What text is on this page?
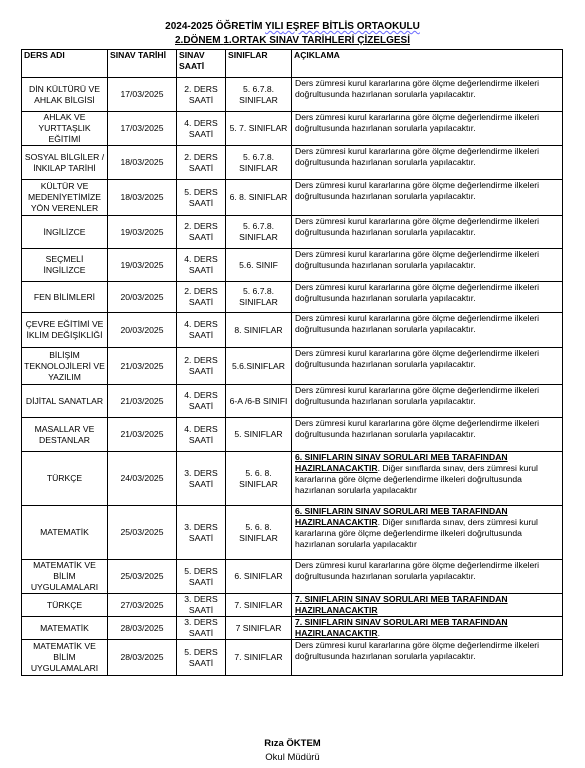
2024-2025 ÖĞRETİM YILI EŞREF BİTLİS ORTAOKULU
2.DÖNEM 1.ORTAK SINAV TARİHLERİ ÇİZELGESİ
DERS ADI	SINAV TARİHİ	SINAV SAATİ	SINIFLAR	AÇIKLAMA
DİN KÜLTÜRÜ VE AHLAK BİLGİSİ	17/03/2025	2. DERS SAATİ	5. 6.7.8. SINIFLAR	Ders zümresi kurul kararlarına göre ölçme değerlendirme ilkeleri doğrultusunda hazırlanan sorularla yapılacaktır.
AHLAK VE YURTTAŞLIK EĞİTİMİ	17/03/2025	4. DERS SAATİ	5. 7. SINIFLAR	Ders zümresi kurul kararlarına göre ölçme değerlendirme ilkeleri doğrultusunda hazırlanan sorularla yapılacaktır.
SOSYAL BİLGİLER /İNKILAP TARİHİ	18/03/2025	2. DERS SAATİ	5. 6.7.8. SINIFLAR	Ders zümresi kurul kararlarına göre ölçme değerlendirme ilkeleri doğrultusunda hazırlanan sorularla yapılacaktır.
KÜLTÜR VE MEDENİYETİMİZE YÖN VERENLER	18/03/2025	5. DERS SAATİ	6. 8. SINIFLAR	Ders zümresi kurul kararlarına göre ölçme değerlendirme ilkeleri doğrultusunda hazırlanan sorularla yapılacaktır.
İNGİLİZCE	19/03/2025	2. DERS SAATİ	5. 6.7.8. SINIFLAR	Ders zümresi kurul kararlarına göre ölçme değerlendirme ilkeleri doğrultusunda hazırlanan sorularla yapılacaktır.
SEÇMELİ İNGİLİZCE	19/03/2025	4. DERS SAATİ	5.6. SINIF	Ders zümresi kurul kararlarına göre ölçme değerlendirme ilkeleri doğrultusunda hazırlanan sorularla yapılacaktır.
FEN BİLİMLERİ	20/03/2025	2. DERS SAATİ	5. 6.7.8. SINIFLAR	Ders zümresi kurul kararlarına göre ölçme değerlendirme ilkeleri doğrultusunda hazırlanan sorularla yapılacaktır.
ÇEVRE EĞİTİMİ VE İKLİM DEĞİŞİKLİĞİ	20/03/2025	4. DERS SAATİ	8. SINIFLAR	Ders zümresi kurul kararlarına göre ölçme değerlendirme ilkeleri doğrultusunda hazırlanan sorularla yapılacaktır.
BİLİŞİM TEKNOLOJİLERİ VE YAZILIM	21/03/2025	2. DERS SAATİ	5.6.SINIFLAR	Ders zümresi kurul kararlarına göre ölçme değerlendirme ilkeleri doğrultusunda hazırlanan sorularla yapılacaktır.
DİJİTAL SANATLAR	21/03/2025	4. DERS SAATİ	6-A /6-B SINIFI	Ders zümresi kurul kararlarına göre ölçme değerlendirme ilkeleri doğrultusunda hazırlanan sorularla yapılacaktır.
MASALLAR VE DESTANLAR	21/03/2025	4. DERS SAATİ	5. SINIFLAR	Ders zümresi kurul kararlarına göre ölçme değerlendirme ilkeleri doğrultusunda hazırlanan sorularla yapılacaktır.
TÜRKÇE	24/03/2025	3. DERS SAATİ	5. 6. 8. SINIFLAR	6. SINIFLARIN SINAV SORULARI MEB TARAFINDAN HAZIRLANACAKTIR. Diğer sınıflarda sınav, ders zümresi kurul kararlarına göre ölçme değerlendirme ilkeleri doğrultusunda hazırlanan sorularla yapılacaktır
MATEMATİK	25/03/2025	3. DERS SAATİ	5. 6. 8. SINIFLAR	6. SINIFLARIN SINAV SORULARI MEB TARAFINDAN HAZIRLANACAKTIR. Diğer sınıflarda sınav, ders zümresi kurul kararlarına göre ölçme değerlendirme ilkeleri doğrultusunda hazırlanan sorularla yapılacaktır
MATEMATİK VE BİLİM UYGULAMALARI	25/03/2025	5. DERS SAATİ	6. SINIFLAR	Ders zümresi kurul kararlarına göre ölçme değerlendirme ilkeleri doğrultusunda hazırlanan sorularla yapılacaktır.
TÜRKÇE	27/03/2025	3. DERS SAATİ	7. SINIFLAR	7. SINIFLARIN SINAV SORULARI MEB TARAFINDAN HAZIRLANACAKTIR
MATEMATİK	28/03/2025	3. DERS SAATİ	7 SINIFLAR	7. SINIFLARIN SINAV SORULARI MEB TARAFINDAN HAZIRLANACAKTIR.
MATEMATİK VE BİLİM UYGULAMALARI	28/03/2025	5. DERS SAATİ	7. SINIFLAR	Ders zümresi kurul kararlarına göre ölçme değerlendirme ilkeleri doğrultusunda hazırlanan sorularla yapılacaktır.
Rıza ÖKTEM
Okul Müdürü
